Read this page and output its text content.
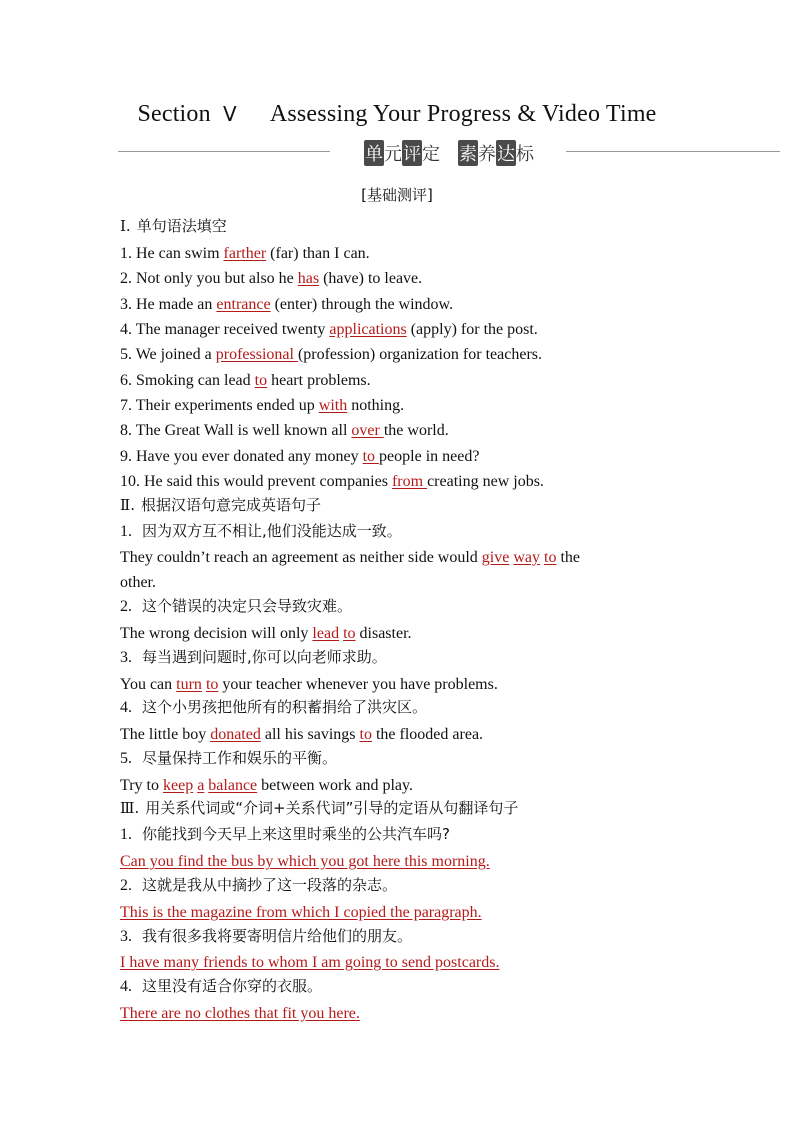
Section Ⅴ Assessing Your Progress & Video Time
单元评定 素养达标
[基础测评]
Ⅰ. 单句语法填空
1. He can swim farther (far) than I can.
2. Not only you but also he has (have) to leave.
3. He made an entrance (enter) through the window.
4. The manager received twenty applications (apply) for the post.
5. We joined a professional (profession) organization for teachers.
6. Smoking can lead to heart problems.
7. Their experiments ended up with nothing.
8. The Great Wall is well known all over the world.
9. Have you ever donated any money to people in need?
10. He said this would prevent companies from creating new jobs.
Ⅱ. 根据汉语句意完成英语句子
1. 因为双方互不相让,他们没能达成一致。
They couldn’t reach an agreement as neither side would give way to the
other.
2. 这个错误的决定只会导致灾难。
The wrong decision will only lead to disaster.
3. 每当遇到问题时,你可以向老师求助。
You can turn to your teacher whenever you have problems.
4. 这个小男孩把他所有的积蓄捐给了洪灾区。
The little boy donated all his savings to the flooded area.
5. 尽量保持工作和娱乐的平衡。
Try to keep a balance between work and play.
Ⅲ. 用关系代词或“介词+关系代词”引导的定语从句翻译句子
1. 你能找到今天早上来这里时乘坐的公共汽车吗?
Can you find the bus by which you got here this morning.
2. 这就是我从中摘抄了这一段落的杂志。
This is the magazine from which I copied the paragraph.
3. 我有很多我将要寄明信片给他们的朋友。
I have many friends to whom I am going to send postcards.
4. 这里没有适合你穿的衣服。
There are no clothes that fit you here.
